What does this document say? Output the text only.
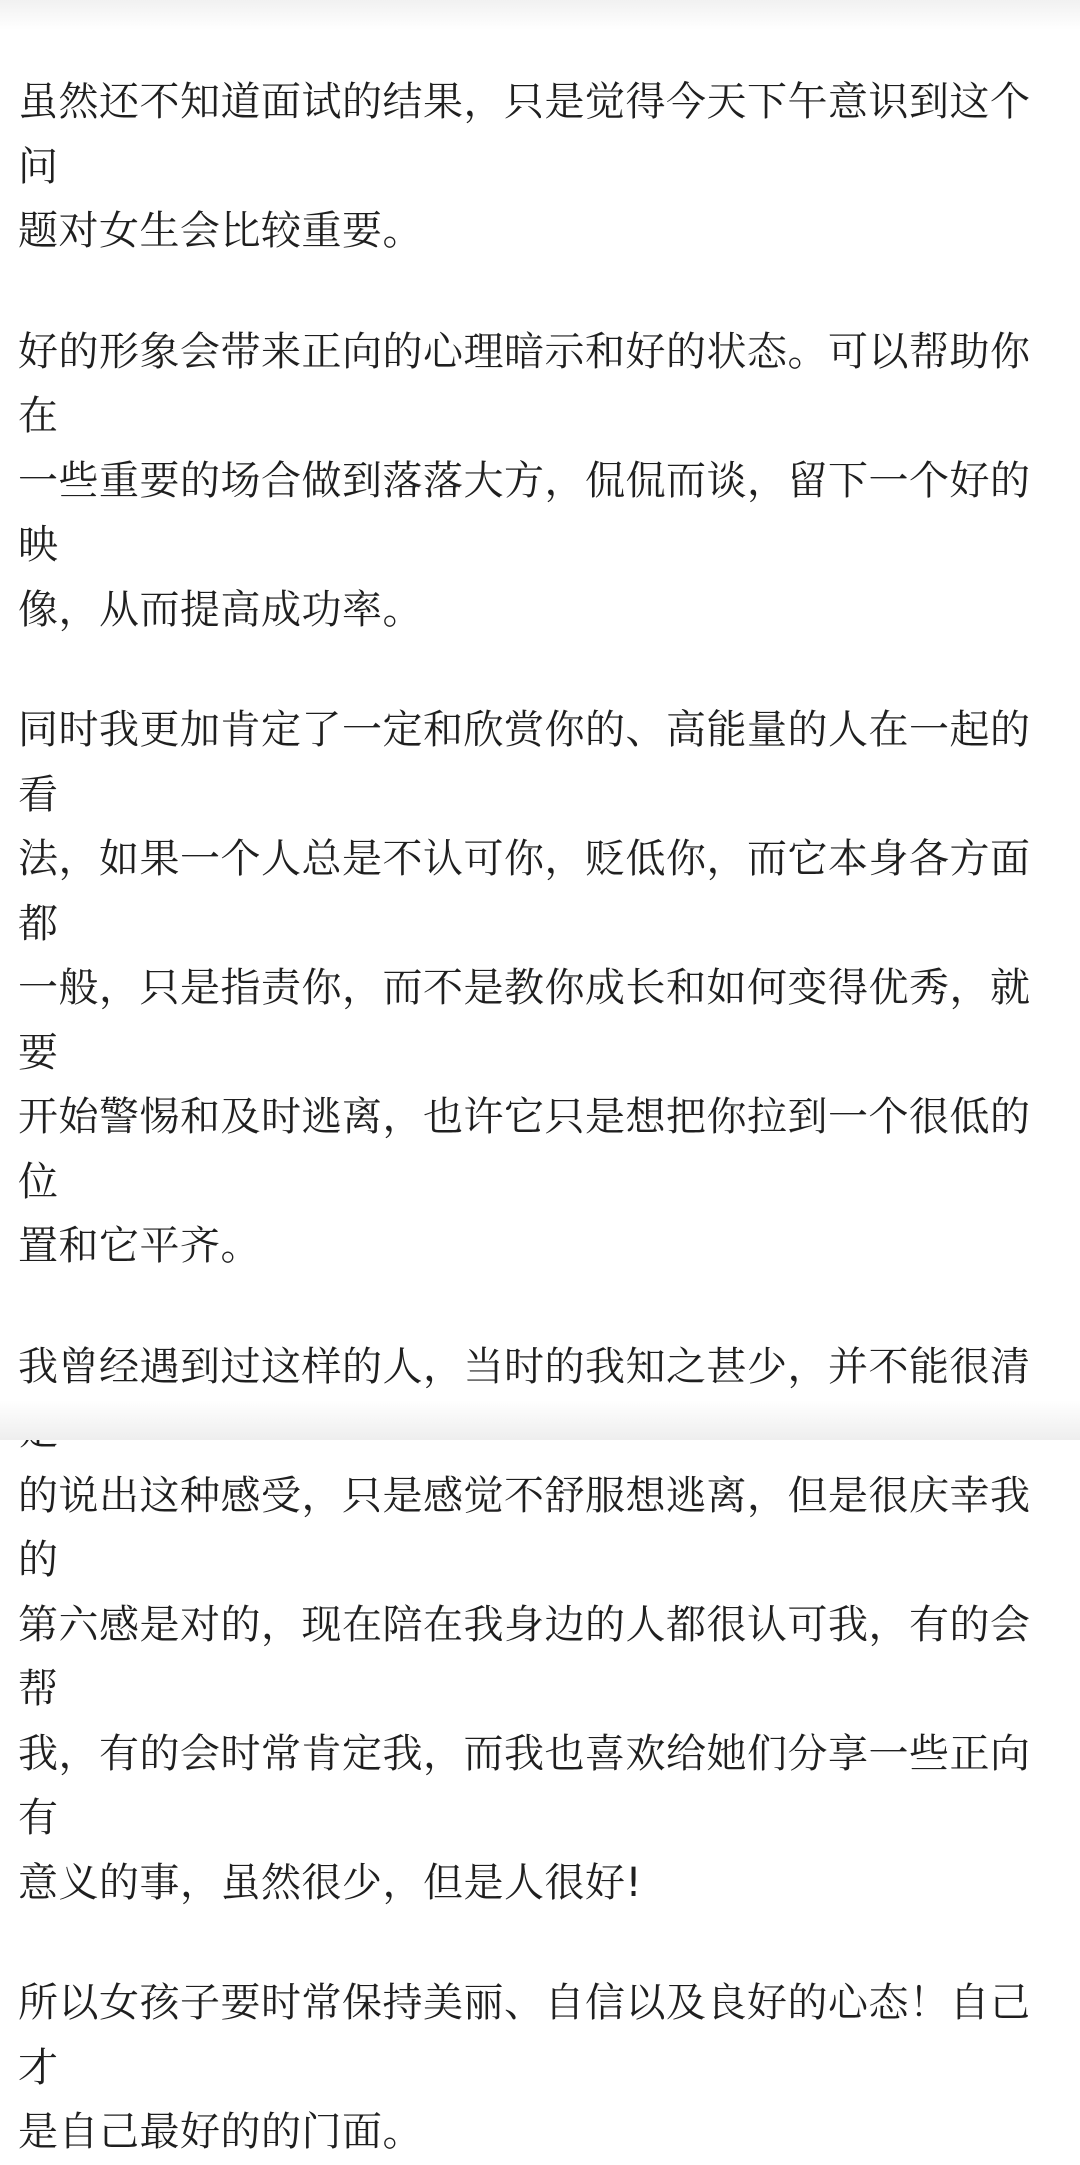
虽然还不知道面试的结果，只是觉得今天下午意识到这个问
题对女生会比较重要。

好的形象会带来正向的心理暗示和好的状态。可以帮助你在
一些重要的场合做到落落大方，侃侃而谈，留下一个好的映
像，从而提高成功率。

同时我更加肯定了一定和欣赏你的、高能量的人在一起的看
法，如果一个人总是不认可你，贬低你，而它本身各方面都
一般，只是指责你，而不是教你成长和如何变得优秀，就要
开始警惕和及时逃离，也许它只是想把你拉到一个很低的位
置和它平齐。

我曾经遇到过这样的人，当时的我知之甚少，并不能很清
的说出这种感受，只是感觉不舒服想逃离，但是很庆幸我的
第六感是对的，现在陪在我身边的人都很认可我，有的会帮
我，有的会时常肯定我，而我也喜欢给她们分享一些正向有
意义的事，虽然很少，但是人很好!

所以女孩子要时常保持美丽、自信以及良好的心态！自己才
是自己最好的的门面。
